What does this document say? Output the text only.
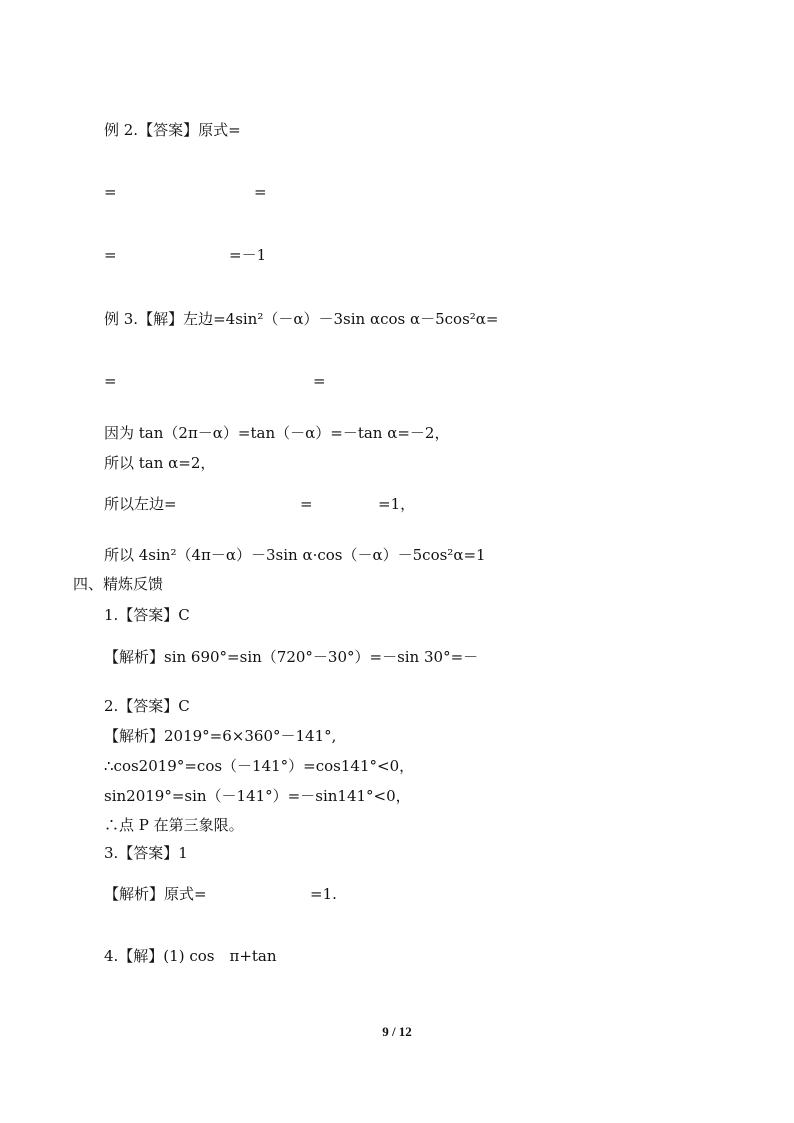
例 2.【答案】原式=
=	=
=	=－1
例 3.【解】左边=4sin²（－α）－3sin αcos α－5cos²α=
=	=
因为 tan（2π－α）=tan（－α）=－tan α=－2，
所以 tan α=2，
所以左边=	=	=1，
所以 4sin²（4π－α）－3sin α·cos（－α）－5cos²α=1
四、精炼反馈
1.【答案】C
【解析】sin 690°=sin（720°－30°）=－sin 30°=－
2.【答案】C
【解析】2019°=6×360°－141°,
∴cos2019°=cos（－141°）=cos141°<0，
sin2019°=sin（－141°）=－sin141°<0，
∴点 P 在第三象限。
3.【答案】1
【解析】原式=	=1.
4.【解】(1) cos　π+tan
9 / 12
